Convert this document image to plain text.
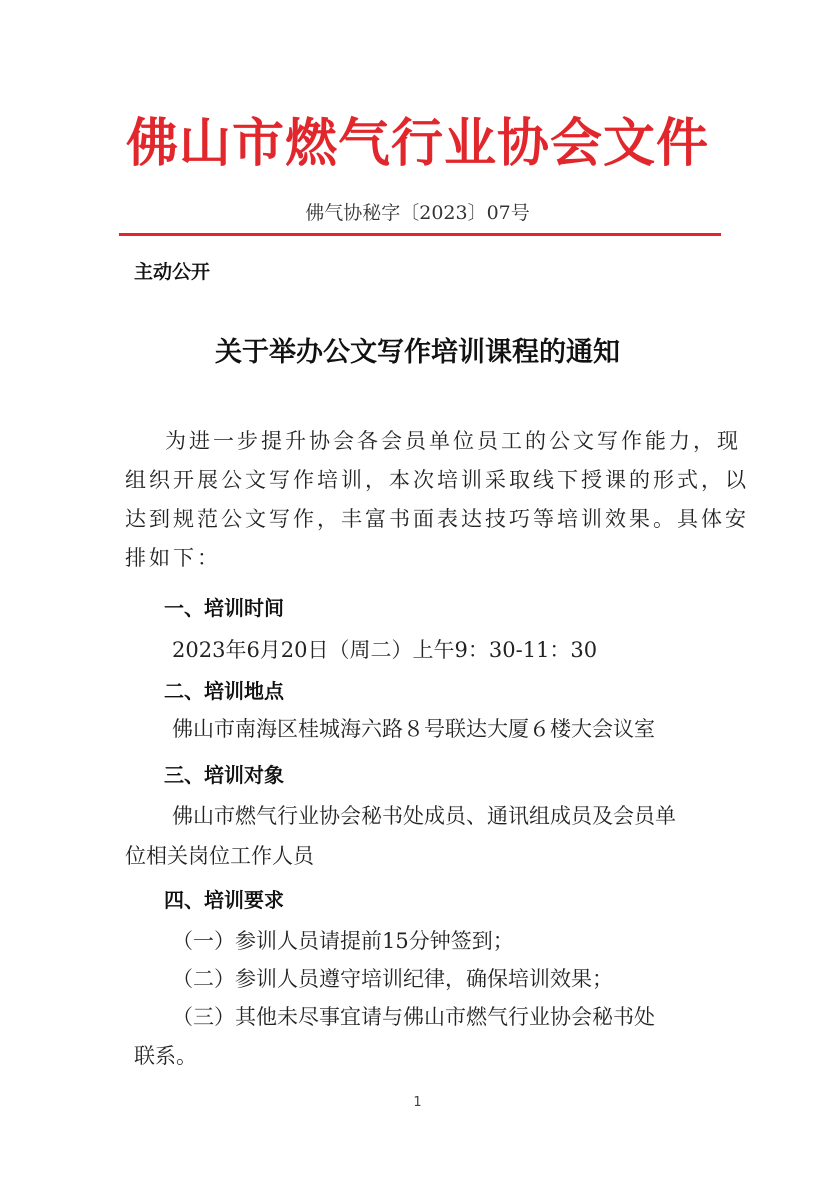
佛山市燃气行业协会文件
佛气协秘字〔2023〕07号
主动公开
关于举办公文写作培训课程的通知
为进一步提升协会各会员单位员工的公文写作能力，现
组织开展公文写作培训，本次培训采取线下授课的形式，以
达到规范公文写作，丰富书面表达技巧等培训效果。具体安
排如下：
一、培训时间
2023年6月20日（周二）上午9：30-11：30
二、培训地点
佛山市南海区桂城海六路８号联达大厦６楼大会议室
三、培训对象
佛山市燃气行业协会秘书处成员、通讯组成员及会员单
位相关岗位工作人员
四、培训要求
（一）参训人员请提前15分钟签到；
（二）参训人员遵守培训纪律，确保培训效果；
（三）其他未尽事宜请与佛山市燃气行业协会秘书处
联系。
1
